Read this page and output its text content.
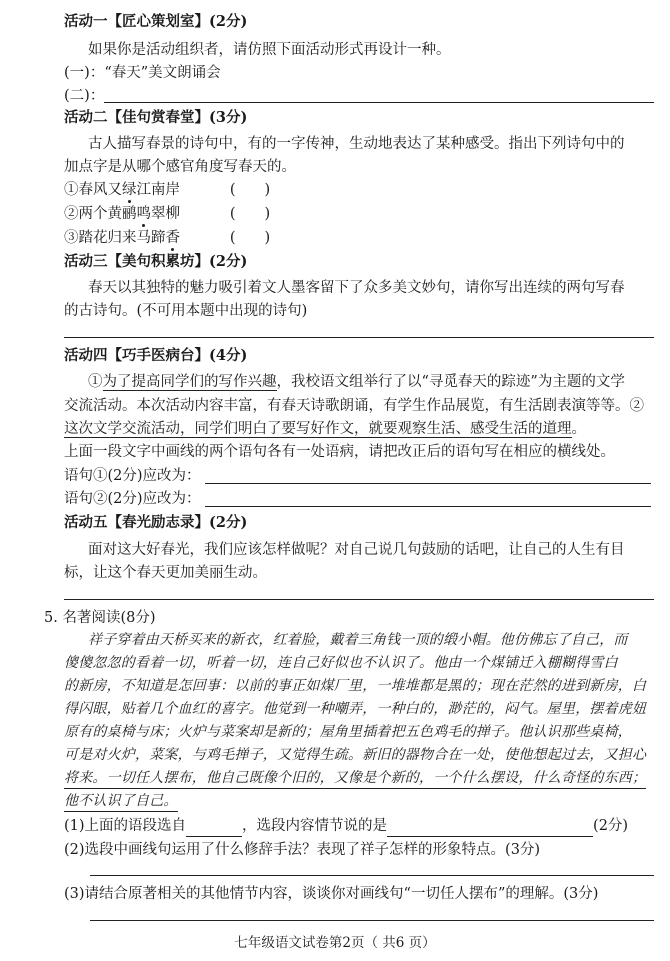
活动一【匠心策划室】(2分)
如果你是活动组织者，请仿照下面活动形式再设计一种。
(一)：“春天”美文朗诵会
(二)：
活动二【佳句赏春堂】(3分)
古人描写春景的诗句中，有的一字传神，生动地表达了某种感受。指出下列诗句中的
加点字是从哪个感官角度写春天的。
①春风又绿江南岸	(　　)
②两个黄鹂鸣翠柳	(　　)
③踏花归来马蹄香	(　　)
活动三【美句积累坊】(2分)
春天以其独特的魅力吸引着文人墨客留下了众多美文妙句，请你写出连续的两句写春
的古诗句。(不可用本题中出现的诗句)
活动四【巧手医病台】(4分)
①为了提高同学们的写作兴趣，我校语文组举行了以“寻觅春天的踪迹”为主题的文学
交流活动。本次活动内容丰富，有春天诗歌朗诵，有学生作品展览，有生活剧表演等等。②
这次文学交流活动，同学们明白了要写好作文，就要观察生活、感受生活的道理。
上面一段文字中画线的两个语句各有一处语病，请把改正后的语句写在相应的横线处。
语句①(2分)应改为：
语句②(2分)应改为：
活动五【春光励志录】(2分)
面对这大好春光，我们应该怎样做呢？对自己说几句鼓励的话吧，让自己的人生有目
标，让这个春天更加美丽生动。
5. 名著阅读(8分)
祥子穿着由天桥买来的新衣，红着脸，戴着三角钱一顶的缎小帽。他仿佛忘了自己，而
傻傻忽忽的看着一切，听着一切，连自己好似也不认识了。他由一个煤铺迁入棚糊得雪白
的新房，不知道是怎回事：以前的事正如煤厂里，一堆堆都是黑的；现在茫然的进到新房，白
得闪眼，贴着几个血红的喜字。他觉到一种嘲弄，一种白的，渺茫的，闷气。屋里，摆着虎妞
原有的桌椅与床；火炉与菜案却是新的；屋角里插着把五色鸡毛的掸子。他认识那些桌椅，
可是对火炉，菜案，与鸡毛掸子，又觉得生疏。新旧的器物合在一处，使他想起过去，又担心
将来。一切任人摆布，他自己既像个旧的，又像是个新的，一个什么摆设，什么奇怪的东西；
他不认识了自己。
(1)上面的语段选自	，选段内容情节说的是	(2分)
(2)选段中画线句运用了什么修辞手法？表现了祥子怎样的形象特点。(3分)
(3)请结合原著相关的其他情节内容，谈谈你对画线句“一切任人摆布”的理解。(3分)
七年级语文试卷第2页（ 共6 页）
